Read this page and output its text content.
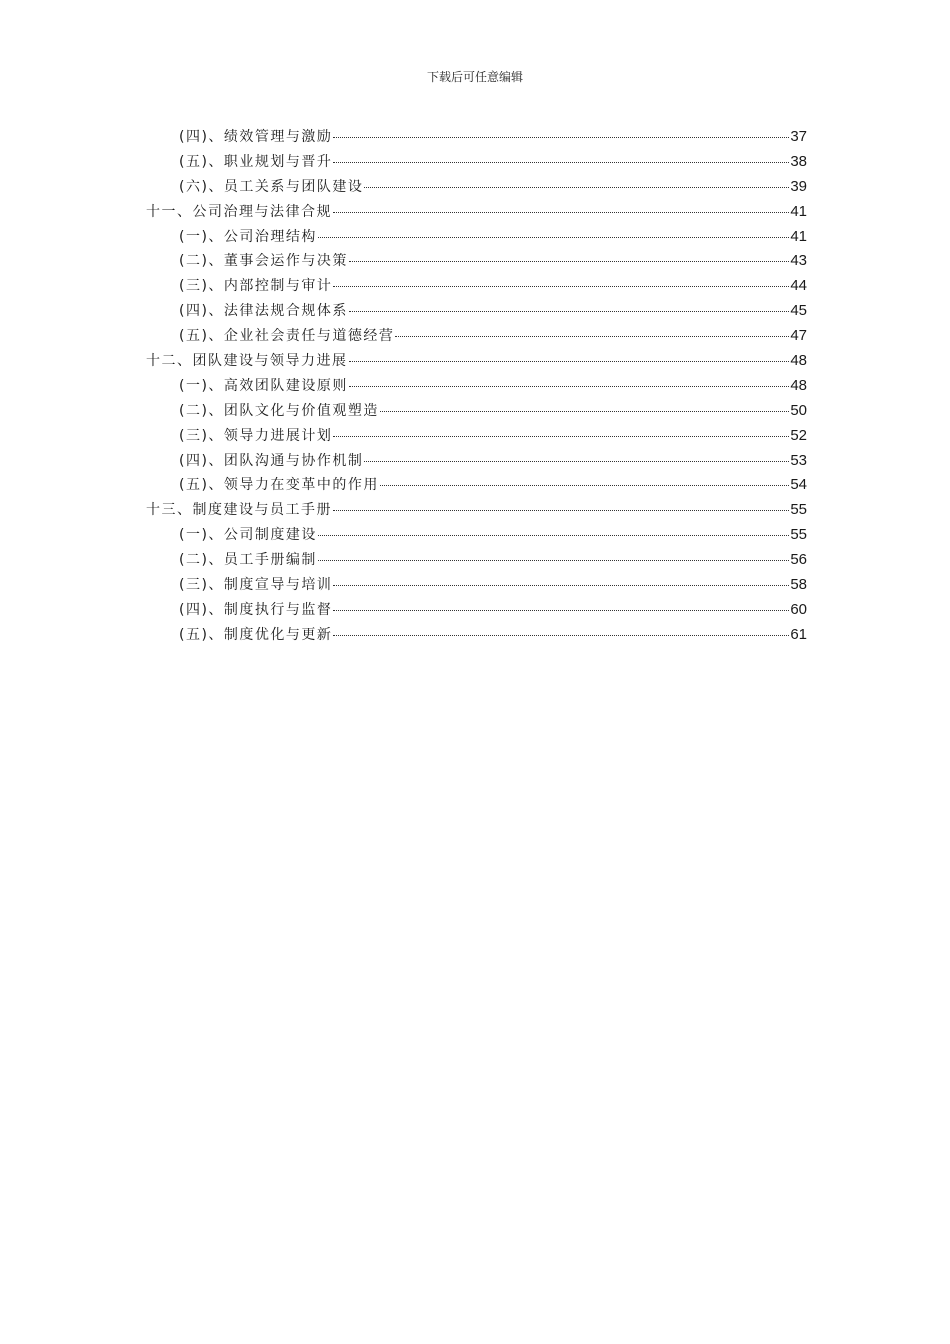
下载后可任意编辑
(四)、绩效管理与激励	37
(五)、职业规划与晋升	38
(六)、员工关系与团队建设	39
十一、公司治理与法律合规	41
(一)、公司治理结构	41
(二)、董事会运作与决策	43
(三)、内部控制与审计	44
(四)、法律法规合规体系	45
(五)、企业社会责任与道德经营	47
十二、团队建设与领导力进展	48
(一)、高效团队建设原则	48
(二)、团队文化与价值观塑造	50
(三)、领导力进展计划	52
(四)、团队沟通与协作机制	53
(五)、领导力在变革中的作用	54
十三、制度建设与员工手册	55
(一)、公司制度建设	55
(二)、员工手册编制	56
(三)、制度宣导与培训	58
(四)、制度执行与监督	60
(五)、制度优化与更新	61
